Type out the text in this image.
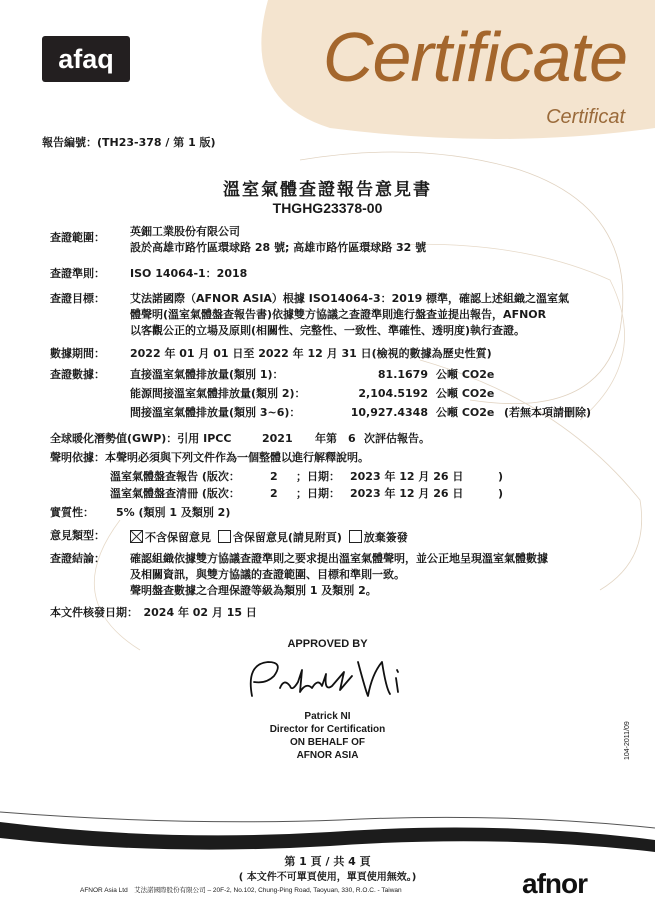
afaq	Certificate
Certificat
報告編號：(TH23-378 / 第 1 版)
溫室氣體查證報告意見書
THGHG23378-00
查證範圍： 英鈿工業股份有限公司
設於高雄市路竹區環球路 28 號; 高雄市路竹區環球路 32 號
查證準則： ISO 14064-1：2018
查證目標： 艾法諾國際（AFNOR ASIA）根據 ISO14064-3：2019 標準，確認上述組織之溫室氣
體聲明(溫室氣體盤查報告書)依據雙方協議之查證準則進行盤查並提出報告，AFNOR
以客觀公正的立場及原則(相關性、完整性、一致性、準確性、透明度)執行查證。
數據期間： 2022 年 01 月 01 日至 2022 年 12 月 31 日(檢視的數據為歷史性質)
查證數據： 直接溫室氣體排放量(類別 1)：	81.1679 公噸 CO2e
能源間接溫室氣體排放量(類別 2)：	2,104.5192 公噸 CO2e
間接溫室氣體排放量(類別 3~6)：	10,927.4348 公噸 CO2e (若無本項請刪除)
全球暖化潛勢值(GWP)：引用 IPCC	2021 年第 6 次評估報告。
聲明依據：本聲明必須與下列文件作為一個整體以進行解釋說明。
溫室氣體盤查報告 (版次：	2 ；日期： 2023 年 12 月 26 日	)
溫室氣體盤查清冊 (版次：	2 ；日期： 2023 年 12 月 26 日	)
實質性： 5% (類別 1 及類別 2)
意見類型：	不含保留意見 含保留意見(請見附頁) 放棄簽發
查證結論： 確認組織依據雙方協議查證準則之要求提出溫室氣體聲明，並公正地呈現溫室氣體數據
及相關資訊，與雙方協議的查證範圍、目標和準則一致。
聲明盤查數據之合理保證等級為類別 1 及類別 2。
本文件核發日期：　2024 年 02 月 15 日
APPROVED BY
Patrick NI
Director for Certification
ON BEHALF OF
AFNOR ASIA	104-2011/09
第 1 頁 / 共 4 頁
( 本文件不可單頁使用，單頁使用無效。)
AFNOR Asia Ltd　艾法諾國際股份有限公司 – 20F-2, No.102, Chung-Ping Road, Taoyuan, 330, R.O.C. - Taiwan	afnor
